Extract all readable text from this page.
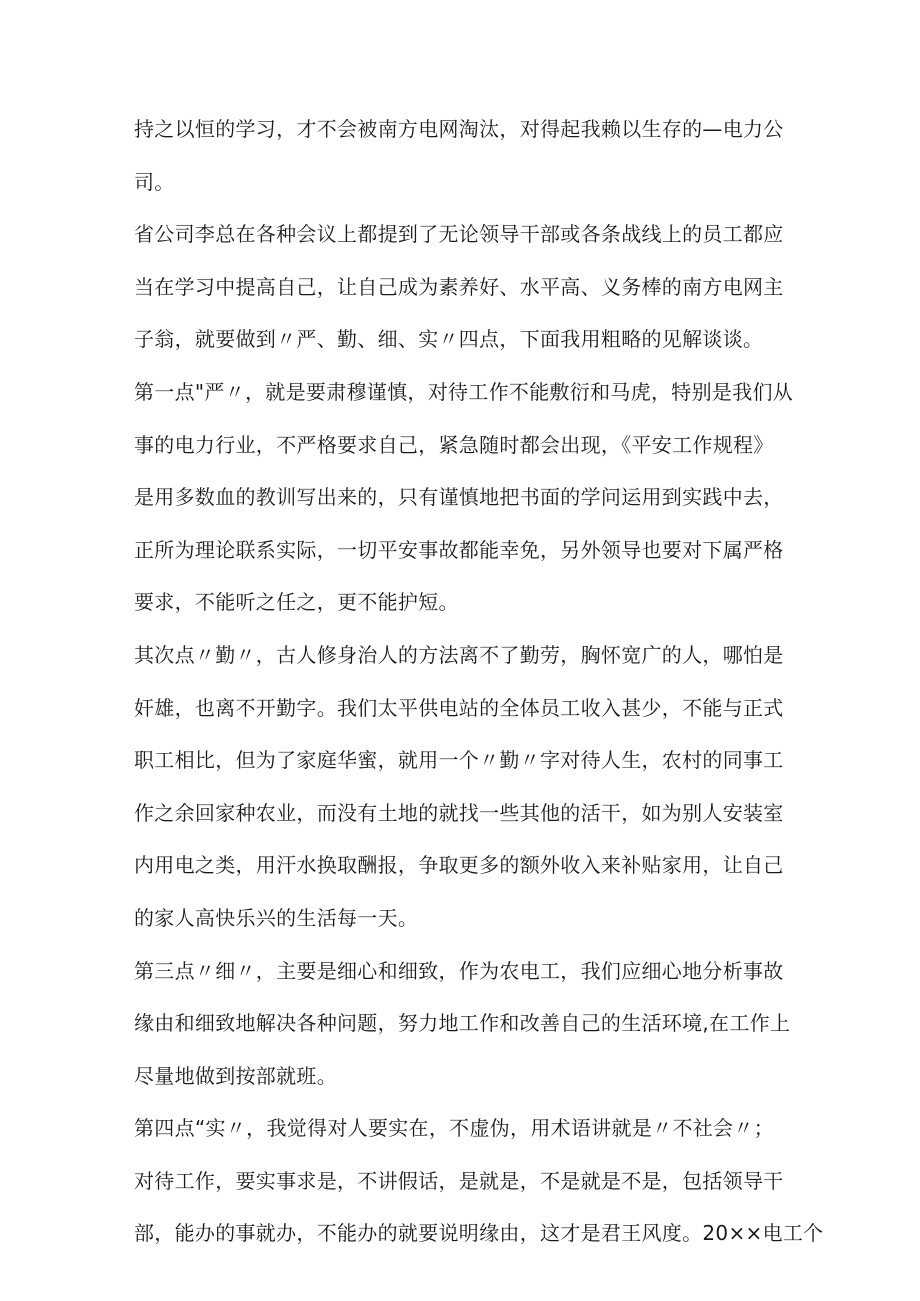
持之以恒的学习，才不会被南方电网淘汰，对得起我赖以生存的—电力公
司。
省公司李总在各种会议上都提到了无论领导干部或各条战线上的员工都应
当在学习中提高自己，让自己成为素养好、水平高、义务棒的南方电网主
子翁，就要做到〃严、勤、细、实〃四点，下面我用粗略的见解谈谈。
第一点"严〃，就是要肃穆谨慎，对待工作不能敷衍和马虎，特别是我们从
事的电力行业，不严格要求自己，紧急随时都会出现，《平安工作规程》
是用多数血的教训写出来的，只有谨慎地把书面的学问运用到实践中去，
正所为理论联系实际，一切平安事故都能幸免，另外领导也要对下属严格
要求，不能听之任之，更不能护短。
其次点〃勤〃，古人修身治人的方法离不了勤劳，胸怀宽广的人，哪怕是
奸雄，也离不开勤字。我们太平供电站的全体员工收入甚少，不能与正式
职工相比，但为了家庭华蜜，就用一个〃勤〃字对待人生，农村的同事工
作之余回家种农业，而没有土地的就找一些其他的活干，如为别人安装室
内用电之类，用汗水换取酬报，争取更多的额外收入来补贴家用，让自己
的家人高快乐兴的生活每一天。
第三点〃细〃，主要是细心和细致，作为农电工，我们应细心地分析事故
缘由和细致地解决各种问题，努力地工作和改善自己的生活环境,在工作上
尽量地做到按部就班。
第四点“实〃，我觉得对人要实在，不虚伪，用术语讲就是〃不社会〃；
对待工作，要实事求是，不讲假话，是就是，不是就是不是，包括领导干
部，能办的事就办，不能办的就要说明缘由，这才是君王风度。20××电工个
